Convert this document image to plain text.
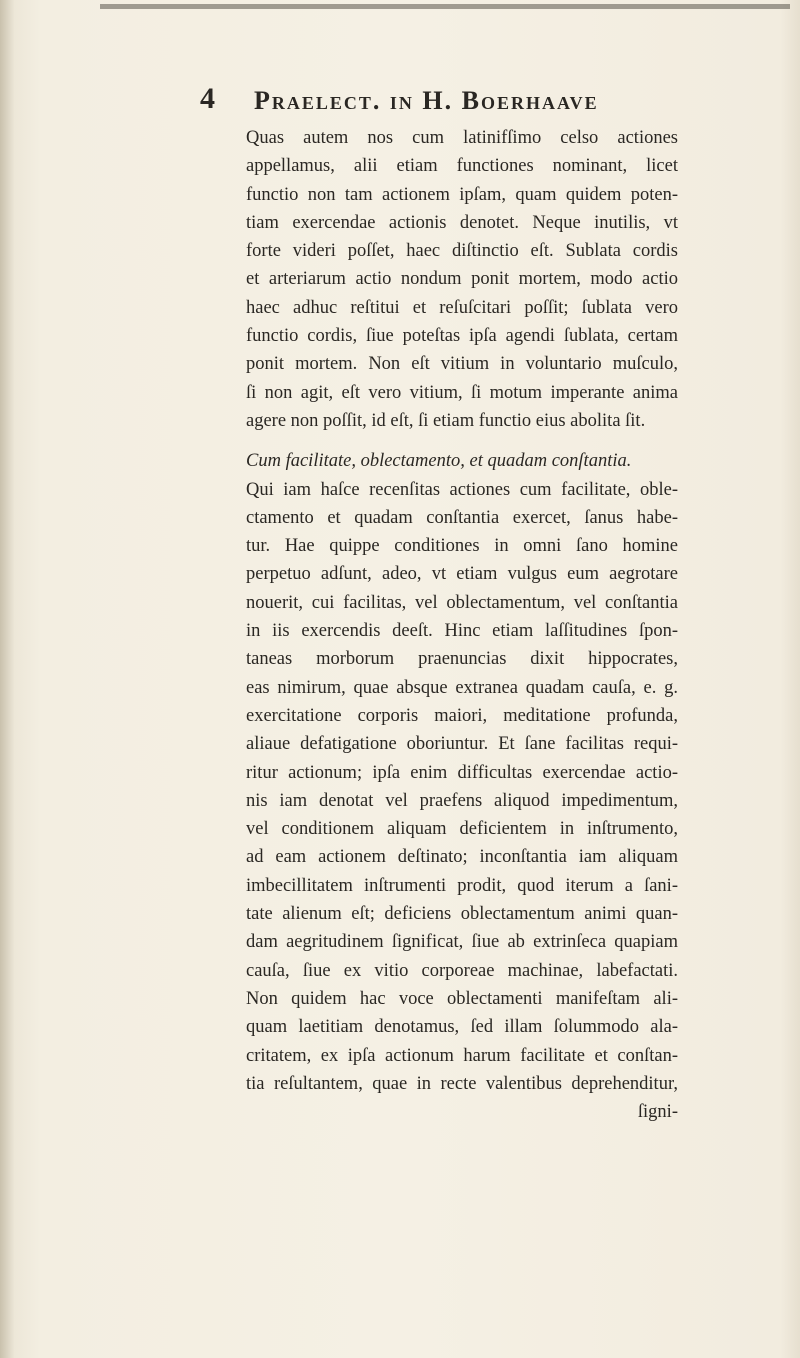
4 Praelect. in H. Boerhaave
Quas autem nos cum latinifſimo celso actiones
appellamus, alii etiam functiones nominant, licet
functio non tam actionem ipſam, quam quidem poten-
tiam exercendae actionis denotet. Neque inutilis, vt
forte videri poſſet, haec diſtinctio eſt. Sublata cordis
et arteriarum actio nondum ponit mortem, modo actio
haec adhuc reſtitui et reſuſcitari poſſit; ſublata vero
functio cordis, ſiue poteſtas ipſa agendi ſublata, certam
ponit mortem. Non eſt vitium in voluntario muſculo,
ſi non agit, eſt vero vitium, ſi motum imperante anima
agere non poſſit, id eſt, ſi etiam functio eius abolita ſit.
Cum facilitate, oblectamento, et quadam conſtantia.
Qui iam haſce recenſitas actiones cum facilitate, oble-
ctamento et quadam conſtantia exercet, ſanus habe-
tur. Hae quippe conditiones in omni ſano homine
perpetuo adſunt, adeo, vt etiam vulgus eum aegrotare
nouerit, cui facilitas, vel oblectamentum, vel conſtantia
in iis exercendis deeſt. Hinc etiam laſſitudines ſpon-
taneas morborum praenuncias dixit hippocrates,
eas nimirum, quae absque extranea quadam cauſa, e. g.
exercitatione corporis maiori, meditatione profunda,
aliaue defatigatione oboriuntur. Et ſane facilitas requi-
ritur actionum; ipſa enim difficultas exercendae actio-
nis iam denotat vel praefens aliquod impedimentum,
vel conditionem aliquam deficientem in inſtrumento,
ad eam actionem deſtinato; inconſtantia iam aliquam
imbecillitatem inſtrumenti prodit, quod iterum a ſani-
tate alienum eſt; deficiens oblectamentum animi quan-
dam aegritudinem ſignificat, ſiue ab extrinſeca quapiam
cauſa, ſiue ex vitio corporeae machinae, labefactati.
Non quidem hac voce oblectamenti manifeſtam ali-
quam laetitiam denotamus, ſed illam ſolummodo ala-
critatem, ex ipſa actionum harum facilitate et conſtan-
tia reſultantem, quae in recte valentibus deprehenditur,
ſigni-
